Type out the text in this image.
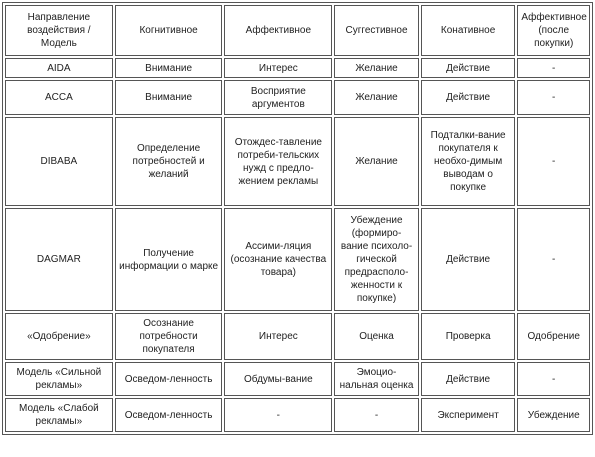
Направление воздействия / Модель	Когнитивное	Аффективное	Суггестивное	Конативное	Аффективное (после покупки)
AIDA	Внимание	Интерес	Желание	Действие	-
ACCA	Внимание	Восприятие аргументов	Желание	Действие	-
DIBABA	Определение потребностей и желаний	Отождес-тавление потреби-тельских нужд с предло-жением рекламы	Желание	Подталки-вание покупателя к необхо-димым выводам о покупке	-
DAGMAR	Получение информации о марке	Ассими-ляция (осознание качества товара)	Убеждение (формиро-вание психоло-гической предрасполо-женности к покупке)	Действие	-
«Одобрение»	Осознание потребности покупателя	Интерес	Оценка	Проверка	Одобрение
Модель «Сильной рекламы»	Осведом-ленность	Обдумы-вание	Эмоцио-нальная оценка	Действие	-
Модель «Слабой рекламы»	Осведом-ленность	-	-	Эксперимент	Убеждение
